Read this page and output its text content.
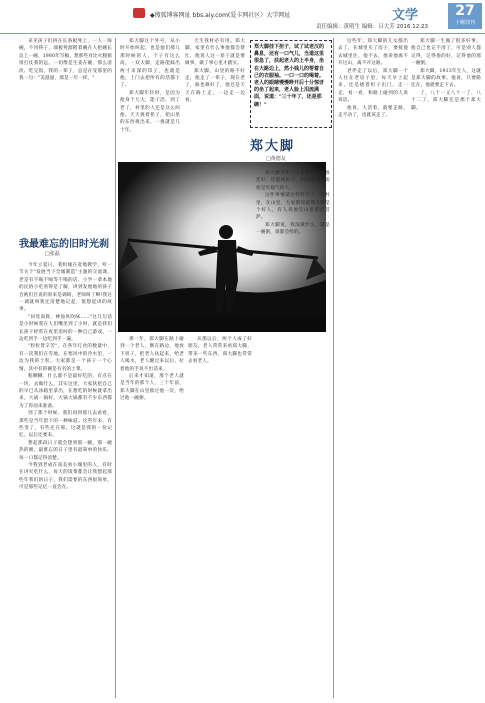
◆搜狐博客网址 bbs.aiy.com(爱卡网社区）大学网址	文学
责任编辑：黄明生 编辑：吕大芳 2016.12.23
27
十堰周刊

来见孩子们拼在长条板凳上，一人一海碗，不用筷子，端板凳溜稻着碗在人把碗长边上一碗、1980年写稿，想那些对比火腿猪排打仗我的远。一切像是生姜在碗、那么清淡、吃完饭，我的一辈子，总是在受那里的我一句："美滋滋，那是一年一样。"

我最难忘的旧时光刹
□张磊

今年立夏日，我机缘在宽地教学，听一节关于"发展当下全城制造"主题的交流课，老是有不喝不喝等不喝的话、小学一辈本地的民俗小吃看得是了解，讲到发展地的孩子会被们目说的原来是调研，老师叫了啊!我这一调就叫我还清楚地记起，很想起讲的故事。

"问母南辉，神仙风吹味……"这几句话是小时候我在人们嘴里到了小时，就是我们长孩子经常在夜里追时的一种自己游戏，一边吃到手一边吃到手一遍。

"粒粒皆辛苦"，在各年打食的数量中，有一次我们在雪地、在寒风中的冷水里，一边为我的土粒。大家都是一个孩子一个心情，其中有的碗是有名的土菜。

粘糊糊，什么都不是最好吃的，有点在一块，去做什么，其实这里，大家伙把自己的早已从冰箱里拿出，在想吃的时候就拿出来。大锅一锅好，大锅大锅都有不少东西都为了你而来准备。

到了那个时候，我们再到那儿去看看，那些是当年留下的一种味道。这些年来，有些变了，有些还在那。这就是我的一份记忆，以后还要来。

想起那段日子就会想到那一碗，那一碗热的粥，最难忘的日子里有最简单的快乐，每一口都记得清楚。

今我到老成在南美看小城里的人，有时在讲究吃什么，每天的饭菜都会让我想起那些年我们的日子，我们需要的东西很简单，可是那些记忆一直会在。

郑大脚这个外号，从小时开始叫起。也是他们那儿那时候的人，个子有这么高，一双大脚，走路能踩出两寸来深的印子，也就是他，上门去把所有的活都干了。

郑大脚年轻时，是因为他身个儿大，能干活，到了老了，村里的人还是这么叫他。天天挑着担子，把山里的东西挑出来，一挑就是几十年。

天生我材必有用。郑大脚，家里有什么事他都会帮忙，他说人这一辈子就是要做事，做了事心里才踏实。

郑大脚，山里的路不好走，他走了一辈子，现在老了，路也修好了，他还是天天在路上走，一边走一边看。

郑大脚挂下担子，试了试老汉的鼻息，还有一口气儿，当道这里很急了，扶起老人的上半身，坐在大路边上，然小钱儿的帮着自己的衣服袖。一口一口的喝着。老人的眼睛慢慢睁开后十分惊讶的坐了起来，老人脸上泪流满面，说道："三十年了，还是那碗！"
郑大脚
□黄德友

那一年，郑大脚在路上碰到一个老人，倒在路边，他放下担子，把老人扶起来，给老人喝水，老人醒过来以后，拉着他的手说不出话来。

后来才知道，那个老人就是当年的那个人，三十年前，郑大脚在山里救过他一次，给过他一碗粥。

从那以后，两个人成了好朋友，老人常常来看郑大脚，带来一些东西，郑大脚也常常去看老人。

郑大脚今年八十多岁了，身体还好，还能挑担子，村里的人都说他是有福气的人。

这件事情就这样传开了，在村里，在山里，大家都知道郑大脚是个好人，有人说他是山里的活菩萨。

郑大脚说，我没做什么，就是一碗粥，谁都会给的。

这些年，郑大脚的儿女都出去了，在城里买了房子，要接他去城里住，他不去，他说他离不开这山，离不开这路。

老伴走了以后，郑大脚一个人住在老房子里，每天早上起来，还是挑着担子出门，走一走，看一看，和路上碰到的人说说话。

他说，人活着，就要走路，走不动了，也就该走了。

郑大脚一生做了很多好事，他自己也记不清了，可是别人都记得，记得他的好，记得他的那一碗粥。

郑大脚，1913年生人，这就是郑大脚的故事。他说，只要路还在，他就要走下去。

了，八十一又八十一了，八十二了，郑大脚还是那个郑大脚。
